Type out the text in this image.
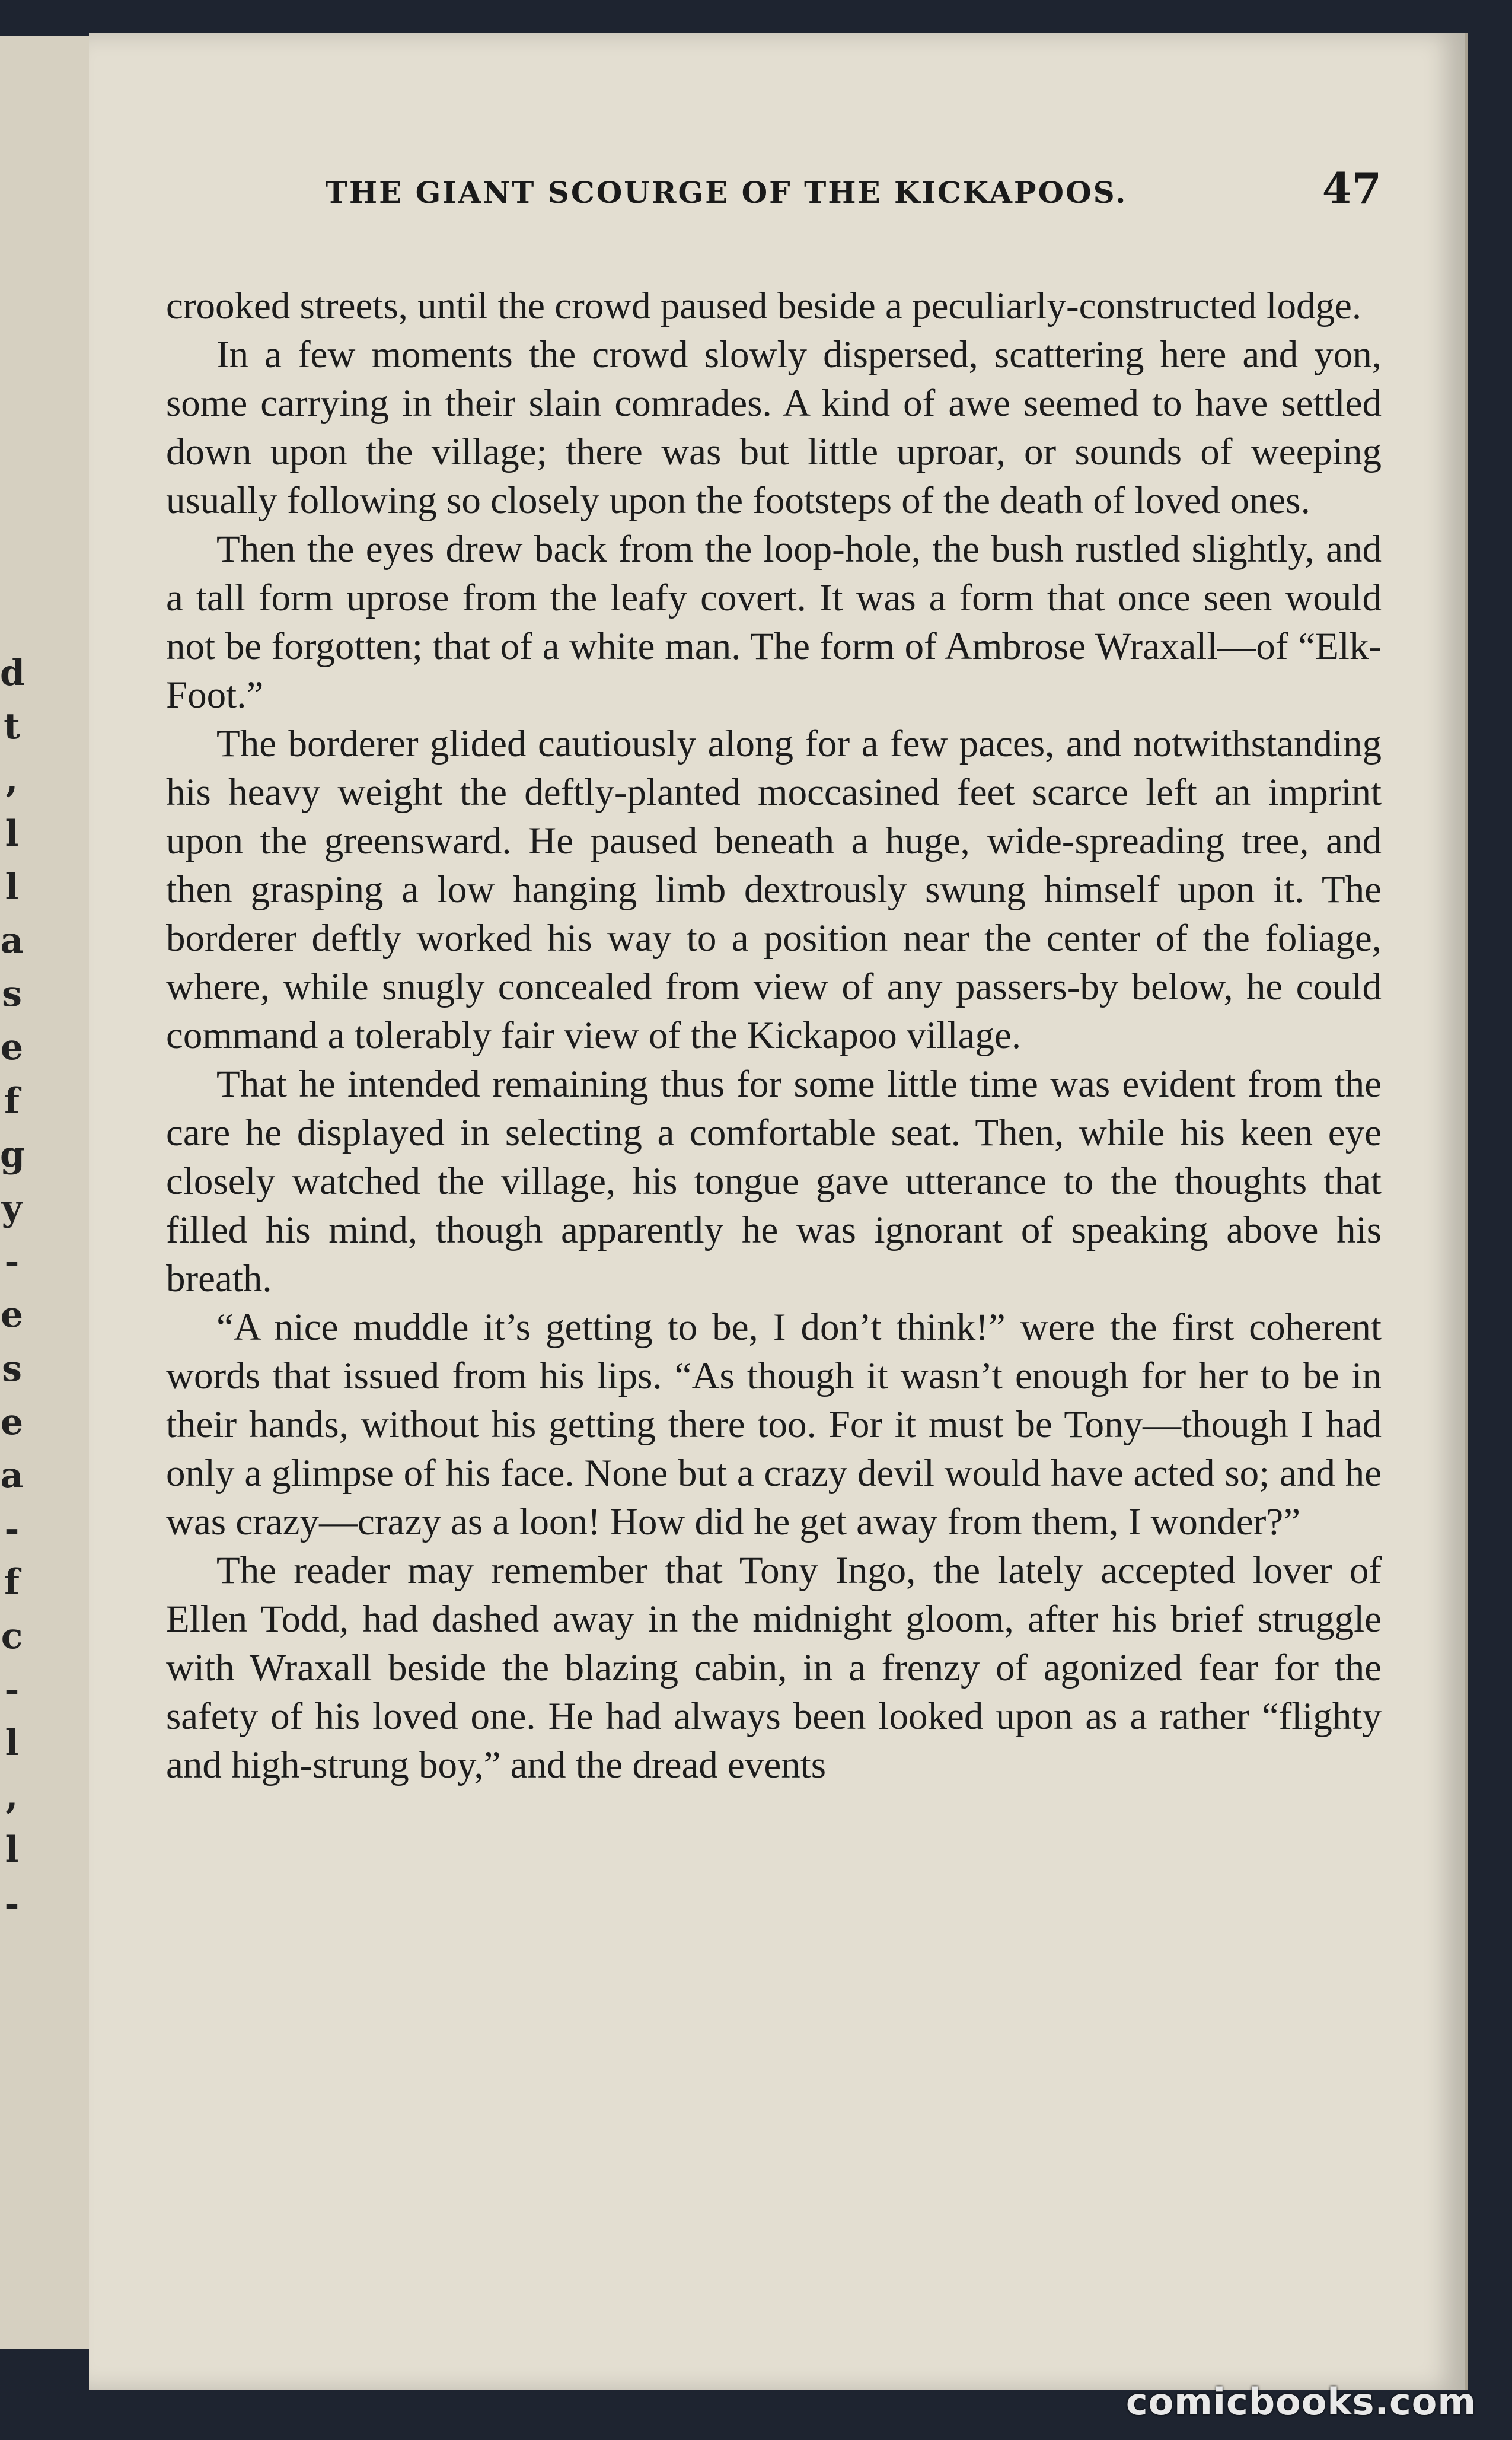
d
t
,
l
l
a
s
e
f
g
y
-
e
s
e
a
-
f
c
-
l
,
l
-
THE GIANT SCOURGE OF THE KICKAPOOS.	47

crooked streets, until the crowd paused beside a peculiarly-constructed lodge.

In a few moments the crowd slowly dispersed, scattering here and yon, some carrying in their slain comrades. A kind of awe seemed to have settled down upon the village; there was but little uproar, or sounds of weeping usually following so closely upon the footsteps of the death of loved ones.

Then the eyes drew back from the loop-hole, the bush rustled slightly, and a tall form uprose from the leafy covert. It was a form that once seen would not be forgotten; that of a white man. The form of Ambrose Wraxall—of “Elk-Foot.”

The borderer glided cautiously along for a few paces, and notwithstanding his heavy weight the deftly-planted moccasined feet scarce left an imprint upon the greensward. He paused beneath a huge, wide-spreading tree, and then grasping a low hanging limb dextrously swung himself upon it. The borderer deftly worked his way to a position near the center of the foliage, where, while snugly concealed from view of any passers-by below, he could command a tolerably fair view of the Kickapoo village.

That he intended remaining thus for some little time was evident from the care he displayed in selecting a comfortable seat. Then, while his keen eye closely watched the village, his tongue gave utterance to the thoughts that filled his mind, though apparently he was ignorant of speaking above his breath.

“A nice muddle it’s getting to be, I don’t think!” were the first coherent words that issued from his lips. “As though it wasn’t enough for her to be in their hands, without his getting there too. For it must be Tony—though I had only a glimpse of his face. None but a crazy devil would have acted so; and he was crazy—crazy as a loon! How did he get away from them, I wonder?”

The reader may remember that Tony Ingo, the lately accepted lover of Ellen Todd, had dashed away in the midnight gloom, after his brief struggle with Wraxall beside the blazing cabin, in a frenzy of agonized fear for the safety of his loved one. He had always been looked upon as a rather “flighty and high-strung boy,” and the dread events

comicbooks.com
